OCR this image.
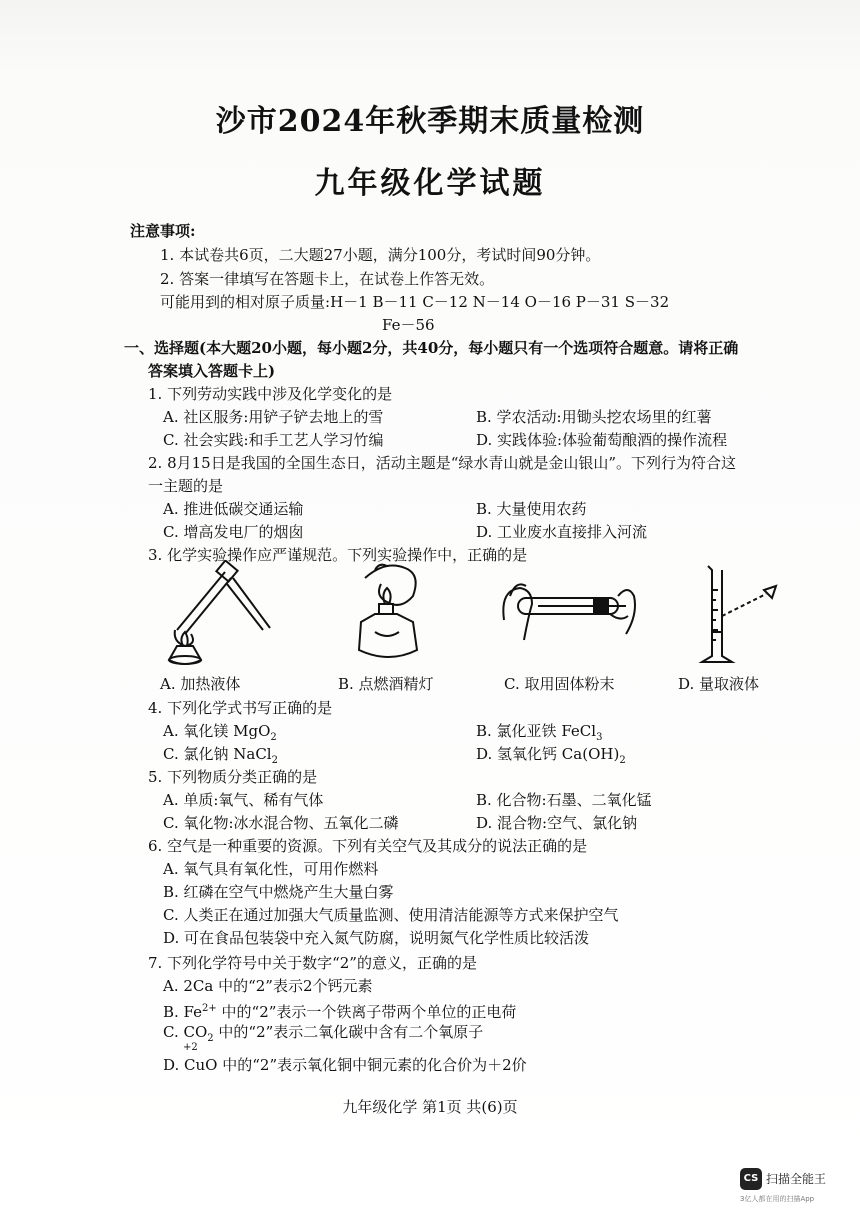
沙市2024年秋季期末质量检测
九年级化学试题
注意事项:
1. 本试卷共6页，二大题27小题，满分100分，考试时间90分钟。
2. 答案一律填写在答题卡上，在试卷上作答无效。
可能用到的相对原子质量:H－1 B－11 C－12 N－14 O－16 P－31 S－32
Fe－56
一、选择题(本大题20小题，每小题2分，共40分，每小题只有一个选项符合题意。请将正确
答案填入答题卡上)
1. 下列劳动实践中涉及化学变化的是
A. 社区服务:用铲子铲去地上的雪	B. 学农活动:用锄头挖农场里的红薯
C. 社会实践:和手工艺人学习竹编	D. 实践体验:体验葡萄酿酒的操作流程
2. 8月15日是我国的全国生态日，活动主题是“绿水青山就是金山银山”。下列行为符合这
一主题的是
A. 推进低碳交通运输	B. 大量使用农药
C. 增高发电厂的烟囱	D. 工业废水直接排入河流
3. 化学实验操作应严谨规范。下列实验操作中，正确的是
A. 加热液体	B. 点燃酒精灯	C. 取用固体粉末	D. 量取液体
4. 下列化学式书写正确的是
A. 氧化镁 MgO$_2$	B. 氯化亚铁 FeCl$_3$
C. 氯化钠 NaCl$_2$	D. 氢氧化钙 $Ca(OH)_2$
5. 下列物质分类正确的是
A. 单质:氧气、稀有气体	B. 化合物:石墨、二氧化锰
C. 氧化物:冰水混合物、五氧化二磷	D. 混合物:空气、氯化钠
6. 空气是一种重要的资源。下列有关空气及其成分的说法正确的是
A. 氧气具有氧化性，可用作燃料
B. 红磷在空气中燃烧产生大量白雾
C. 人类正在通过加强大气质量监测、使用清洁能源等方式来保护空气
D. 可在食品包装袋中充入氮气防腐，说明氮气化学性质比较活泼
7. 下列化学符号中关于数字“2”的意义，正确的是
A. 2Ca 中的“2”表示2个钙元素
B. $Fe^{2+}$ 中的“2”表示一个铁离子带两个单位的正电荷
C. $CO_2$ 中的“2”表示二氧化碳中含有二个氧原子
+2
D. CuO 中的“2”表示氧化铜中铜元素的化合价为＋2价
九年级化学 第1页 共(6)页
CS 扫描全能王
3亿人都在用的扫描App
